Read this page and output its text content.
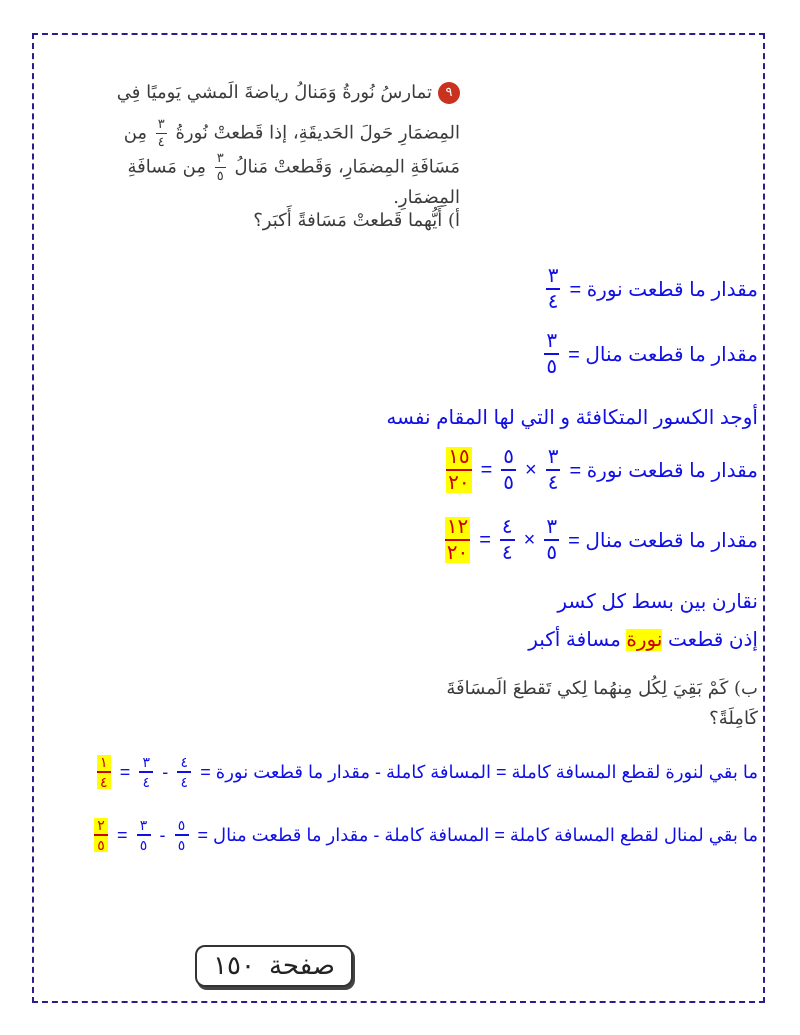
٩تمارسُ نُورةُ وَمَنالُ رياضةَ الَمشي يَوميًا فِي
المِضمَارِ حَولَ الحَديقَةِ، إذا قَطعتْ نُورةُ
$\frac{٣}{٤}$
مِن
مَسَافَةِ المِضمَارِ، وَقَطعتْ مَنالُ
$\frac{٣}{٥}$
مِن مَسافَةِ
المِضمَارِ.
أ) أَيُّهما قَطعتْ مَسَافةً أَكبَر؟
مقدار ما قطعت نورة =
$\frac{٣}{٤}$
مقدار ما قطعت منال =
$\frac{٣}{٥}$
أوجد الكسور المتكافئة و التي لها المقام نفسه
مقدار ما قطعت نورة =
$\frac{٣}{٤}$
×
$\frac{٥}{٥}$
=
$\frac{١٥}{٢٠}$
مقدار ما قطعت منال =
$\frac{٣}{٥}$
×
$\frac{٤}{٤}$
=
$\frac{١٢}{٢٠}$
نقارن بين بسط كل كسر
إذن قطعت نورة مسافة أكبر
ب) كَمْ بَقِيَ لِكُل مِنهُما لِكي تَقطعَ الَمسَافَةَ
كَامِلَةً؟
ما بقي لنورة لقطع المسافة كاملة = المسافة كاملة - مقدار ما قطعت نورة =
$\frac{٤}{٤}$
-
$\frac{٣}{٤}$
=
$\frac{١}{٤}$
ما بقي لمنال لقطع المسافة كاملة = المسافة كاملة - مقدار ما قطعت منال =
$\frac{٥}{٥}$
-
$\frac{٣}{٥}$
=
$\frac{٢}{٥}$
صفحة
١٥٠
